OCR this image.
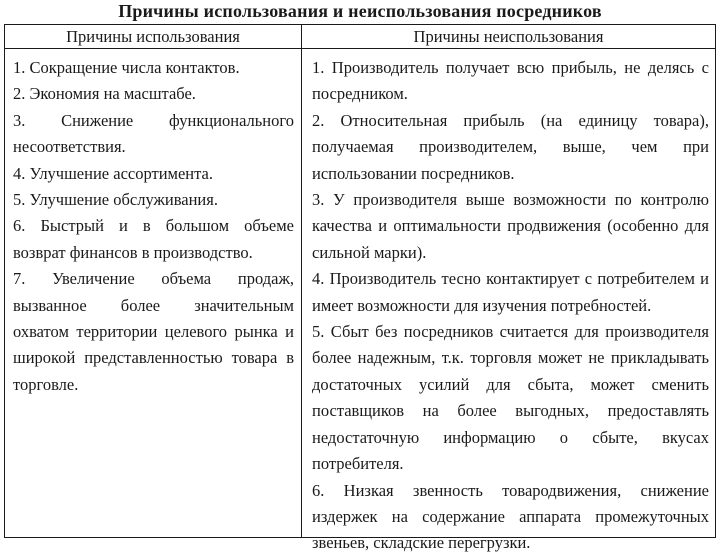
Причины использования и неиспользования посредников
Причины использования	Причины неиспользования
1. Сокращение числа контактов.
2. Экономия на масштабе.
3. Снижение функционального несоответствия.
4. Улучшение ассортимента.
5. Улучшение обслуживания.
6. Быстрый и в большом объеме возврат финансов в производство.
7. Увеличение объема продаж, вызванное более значительным охватом территории целевого рынка и широкой представленностью товара в торговле.
1. Производитель получает всю прибыль, не делясь с посредником.
2. Относительная прибыль (на единицу товара), получаемая производителем, выше, чем при использовании посредников.
3. У производителя выше возможности по контролю качества и оптимальности продвижения (особенно для сильной марки).
4. Производитель тесно контактирует с потребителем и имеет возможности для изучения потребностей.
5. Сбыт без посредников считается для производителя более надежным, т.к. торговля может не прикладывать достаточных усилий для сбыта, может сменить поставщиков на более выгодных, предоставлять недостаточную информацию о сбыте, вкусах потребителя.
6. Низкая звенность товародвижения, снижение издержек на содержание аппарата промежуточных звеньев, складские перегрузки.
